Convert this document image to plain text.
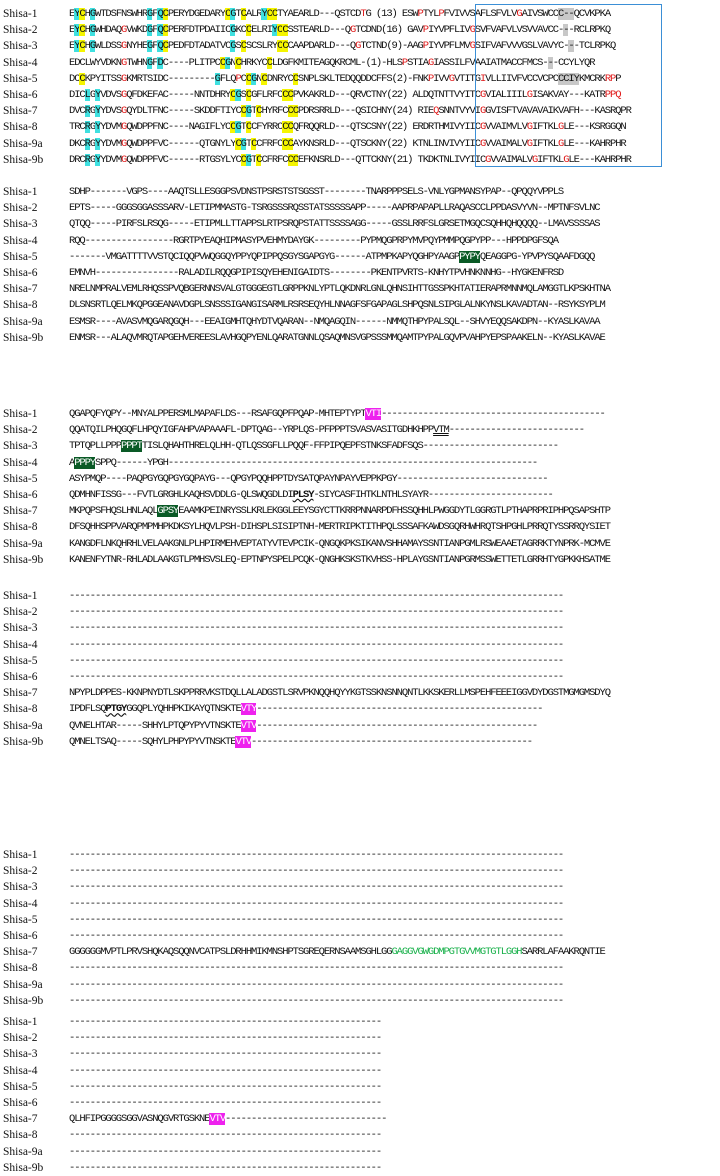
Shisa-1	EYCHGWTDSFNSWHRGFQCPERYDGEDARYCGTCALRYCCTYAEARLD---QSTCDTG (13) ESWPTYLPFVIVVSAFLSFVLVGAIVSWCCC--QCVKPKA
Shisa-2	EYCHGWHDAQGVWKDGFQCPERFDTPDAIICGKCCELRIYCCSSTEARLD---QGTCDND(16) GAVPIYVPFLIVGSVFVAFVLVSVVAVCC---RCLRPKQ
Shisa-3	EYCHGWLDSSGNYHEGFQCPEDFDTADATVCGSCSCSLRYCCCAAPDARLD---QGTCTND(9)-AAGPIYVPFLMVGSIFVAFVVVGSLVAVYC---TCLRPKQ
Shisa-4	EDCLWYVDKNGTWHNGFDC----PLITPCCGNCHRKYCCLDGFKMITEAGQKRCML-(1)-HLSPSTIAGIASSILFVAAIATMACCFMCS---CCYLYQR
Shisa-5	DCCKPYITSSGKMRTSIDC---------GFLQPCCGNCDNRYCCSNPLSKLTEDQQDDCFFS(2)-FNKPIVVGVTITGIVLLIIVFVCCVCPCCCIYKMCRKRPP
Shisa-6	DICLGYVDVSGQFDKEFAC-----NNTDHRYCGSCGFLRFCCCPVKAKRLD---QRVCTNY(22) ALDQTNTTVYITCGVIALIIILGISAKVAY---KATRPPQ
Shisa-7	DVCRGYYDVSGQYDLTFNC-----SKDDFTIYCCGTCHYRFCCCPDRSRRLD---QSICHNY(24) RIEQSNNTVYVIGGVISFTVAVAVAIKVAFH---KASRQPR
Shisa-8	TRCRGYYDVMGQWDPPFNC----NAGIFLYCCGTCCFYRRCCCQFRQQRLD---QTSCSNY(22) ERDRTHMIVYIICGVVAIMVLVGIFTKLGLE---KSRGGQN
Shisa-9a	DKCRGYYDVMGQWDPPFVC------QTGNYLYCGTCCFRFCCCAYKNSRLD---QTSCKNY(22) KTNLINVIVYIICGVVAIMALVGIFTKLGLE---KAHRPHR
Shisa-9b	DRCRGYYDVMGQWDPPFVC------RTGSYLYCCGTCCFRFCCCEFKNSRLD---QTTCKNY(21) TKDKTNLIVYIICGVVAIMALVGIFTKLGLE---KAHRPHR
Shisa-1	SDHP-------VGPS----AAQTSLLESGGPSVDNSTPSRSTSTSGSST--------TNARPPPSELS-VNLYGPMANSYPAP--QPQQYVPPLS
Shisa-2	EPTS-----GGGSGGASSSARV-LETIPMMASTG-TSRGSSSRQSSTATSSSSSAPP-----AAPRPAPAPLLRAQASCCLPPDASVYVN--MPTNFSVLNC
Shisa-3	QTQQ-----PIRFSLRSQG-----ETIPMLLTTAPPSLRTPSRQPSTATTSSSSAGG-----GSSLRRFSLGRSETMGQCSQHHQHQQQQ--LMAVSSSSAS
Shisa-4	RQQ-----------------RGRTPYEAQHIPMASYPVEHMYDAYGK---------PYPMQGPRPYMVPQYPMMPQGPYPP---HPPDPGFSQA
Shisa-5	-------VMGATTTTVVSTQCIQQPVWQGGQYPPYQPIPPQSGYSGAPGYG------ATPMPKAPYQGHPYAAGPPYPYQEAGGPG-YPVPYSQAAFDGQQ
Shisa-6	EMNVH----------------RALADILRQQGPIPISQYEHENIGAIDTS--------PKENTPVRTS-KNHYTPVHNKNNHG--HYGKENFRSD
Shisa-7	NRELNMPRALVEMLRHQSSPVQBGERNNSVALGTGGGEGTLGRPPKNLYPTLQKDNRLGNLQHNSIHTTGSSPKHTATIERAPRMNNMQLAMGGTLKPSKHTNA
Shisa-8	DLSNSRTLQELMKQPGGEANAVDGPLSNSSSIGANGISARMLRSRSEQYHLNNAGFSFGAPAGLSHPQSNLSIPGLALNKYNSLKAVADTAN--RSYKSYPLM
Shisa-9a	ESMSR----AVASVMQGARQGQH---EEAIGMHTQHYDTVQARAN--NMQAGQIN------NMMQTHPYPALSQL--SHVYEQQSAKDPN--KYASLKAVAA
Shisa-9b	ENMSR---ALAQVMRQTAPGEHVEREESLAVHGQPYENLQARATGNNLQSAQMNSVGPSSSMMQAMTPYPALGQVPVAHPYEPSPAAKELN--KYASLKAVAE
Shisa-1	QGAPQFYQPY--MNYALPPERSMLMAPAFLDS---RSAFGQPFPQAP-MHTEPTYPTVTI-------------------------------------------
Shisa-2	QQATQILPHQGQFLHPQYIGFAHPVAPAAAFL-DPTQAG--YRPLQS-PFPPPTSVASVASITGDHKHPPVTM--------------------------
Shisa-3	TPTQPLLPPPPPPTTISLQHAHTHRELQLHH-QTLQSSGFLLPQQF-FFPIPQEPFSTNKSFADFSQS--------------------------
Shisa-4	APPPYSPPQ------YPGH-----------------------------------------------------------------------
Shisa-5	ASYPMQP----PAQPGYGQPGYGQPAYG---QPGYPQQHPPTDYSATQPAYNPAYVEPPKPGY-----------------------------
Shisa-6	QDMHNFISSG---FVTLGRGHLKAQHSVDDLG-QLSWQGDLDIPLSY-SIYCASFIHTKLNTHLSYAYR------------------------
Shisa-7	MKPQPSFHQSLHNLAQLGPSYEAAMKPEINRYSSLKRLEKGGLEEYSGYCTTKRRPNNARPDFHSSQHHLPWGGDYTLGGRGTLPTHAPRPRIPHPQSAPSHTP
Shisa-8	DFSQHHSPPVARQPMPMHPKDKSYLHQVLPSH-DIHSPLSISIPTNH-MERTRIPKTITHPQLSSSAFKAWDSGQRHWHRQTSHPGHLPRRQTYSSRRQYSIET
Shisa-9a	KANGDFLNKQHRHLVELAAKGNLPLHPIRMEHVEPTATYVTEVPCIK-QNGQKPKSIKANVSHHAMAYSSNTIANPGMLRSWEAAETAGRRKTYNPRK-MCMVE
Shisa-9b	KANENFYTNR-RHLADLAAKGTLPMHSVSLEQ-EPTNPYSPELPCQK-QNGHKSKSTKVHSS-HPLAYGSNTIANPGRMSSWETTETLGRRHTYGPKKHSATME
Shisa-1	-----------------------------------------------------------------------------------------------
Shisa-2	-----------------------------------------------------------------------------------------------
Shisa-3	-----------------------------------------------------------------------------------------------
Shisa-4	-----------------------------------------------------------------------------------------------
Shisa-5	-----------------------------------------------------------------------------------------------
Shisa-6	-----------------------------------------------------------------------------------------------
Shisa-7	NPYPLDPPES-KKNPNYDTLSKPPRRVKSTDQLLALADGSTLSRVPKNQQHQYYKGTSSKNSNNQNTLKKSKERLLMSPEHFEEEIGGVDYDGSTMGMGMSDYQ
Shisa-8	IPDFLSQPTGYGGQPLYQHHPKIKAYQTNSKTEVTY-------------------------------------------------------
Shisa-9a	QVNELHTAR-----SHHYLPTQPYPYVTNSKTEVTV------------------------------------------------------
Shisa-9b	QMNELTSAQ-----SQHYLPHPYPYVTNSKTEVTV------------------------------------------------------
Shisa-1	-----------------------------------------------------------------------------------------------
Shisa-2	-----------------------------------------------------------------------------------------------
Shisa-3	-----------------------------------------------------------------------------------------------
Shisa-4	-----------------------------------------------------------------------------------------------
Shisa-5	-----------------------------------------------------------------------------------------------
Shisa-6	-----------------------------------------------------------------------------------------------
Shisa-7	GGGGGGMVPTLPRVSHQKAQSQQNVCATPSLDRHHMIKMNSHPTSGREQERNSAAMSGHLGGGAGGVGWGDMPGTGVVMGTGTLGGHSARRLAFAAKRQNTIE
Shisa-8	-----------------------------------------------------------------------------------------------
Shisa-9a	-----------------------------------------------------------------------------------------------
Shisa-9b	-----------------------------------------------------------------------------------------------
Shisa-1	------------------------------------------------------------
Shisa-2	------------------------------------------------------------
Shisa-3	------------------------------------------------------------
Shisa-4	------------------------------------------------------------
Shisa-5	------------------------------------------------------------
Shisa-6	------------------------------------------------------------
Shisa-7	QLHFIPGGGGSGGVASNQGVRTGSKNEVTV-------------------------------
Shisa-8	------------------------------------------------------------
Shisa-9a	------------------------------------------------------------
Shisa-9b	------------------------------------------------------------
